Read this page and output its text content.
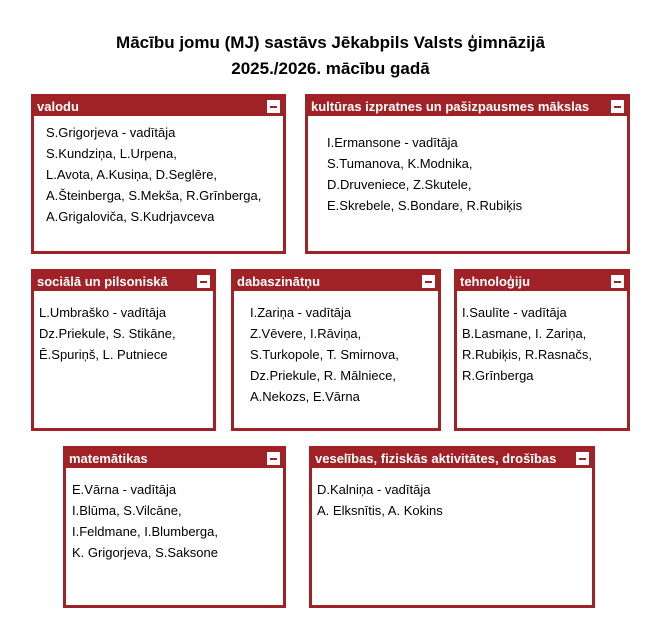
Mācību jomu (MJ) sastāvs Jēkabpils Valsts ģimnāzijā
2025./2026. mācību gadā
valodu
S.Grigorjeva - vadītāja
S.Kundziņa, L.Urpena,
L.Avota, A.Kusiņa, D.Seglēre,
A.Šteinberga, S.Mekša, R.Grīnberga,
A.Grigaloviča, S.Kudrjavceva
kultūras izpratnes un pašizpausmes mākslas
I.Ermansone - vadītāja
S.Tumanova, K.Modnika,
D.Druveniece, Z.Skutele,
E.Skrebele, S.Bondare, R.Rubiķis
sociālā un pilsoniskā
L.Umbraško - vadītāja
Dz.Priekule, S. Stikāne,
Ē.Spuriņš, L. Putniece
dabaszinātņu
I.Zariņa - vadītāja
Z.Vēvere, I.Rāviņa,
S.Turkopole, T. Smirnova,
Dz.Priekule, R. Mālniece,
A.Nekozs, E.Vārna
tehnoloģiju
I.Saulīte - vadītāja
B.Lasmane, I. Zariņa,
R.Rubiķis, R.Rasnačs,
R.Grīnberga
matemātikas
E.Vārna - vadītāja
I.Blūma, S.Vilcāne,
I.Feldmane, I.Blumberga,
K. Grigorjeva, S.Saksone
veselības, fiziskās aktivitātes, drošības
D.Kalniņa - vadītāja
A. Elksnītis, A. Kokins
